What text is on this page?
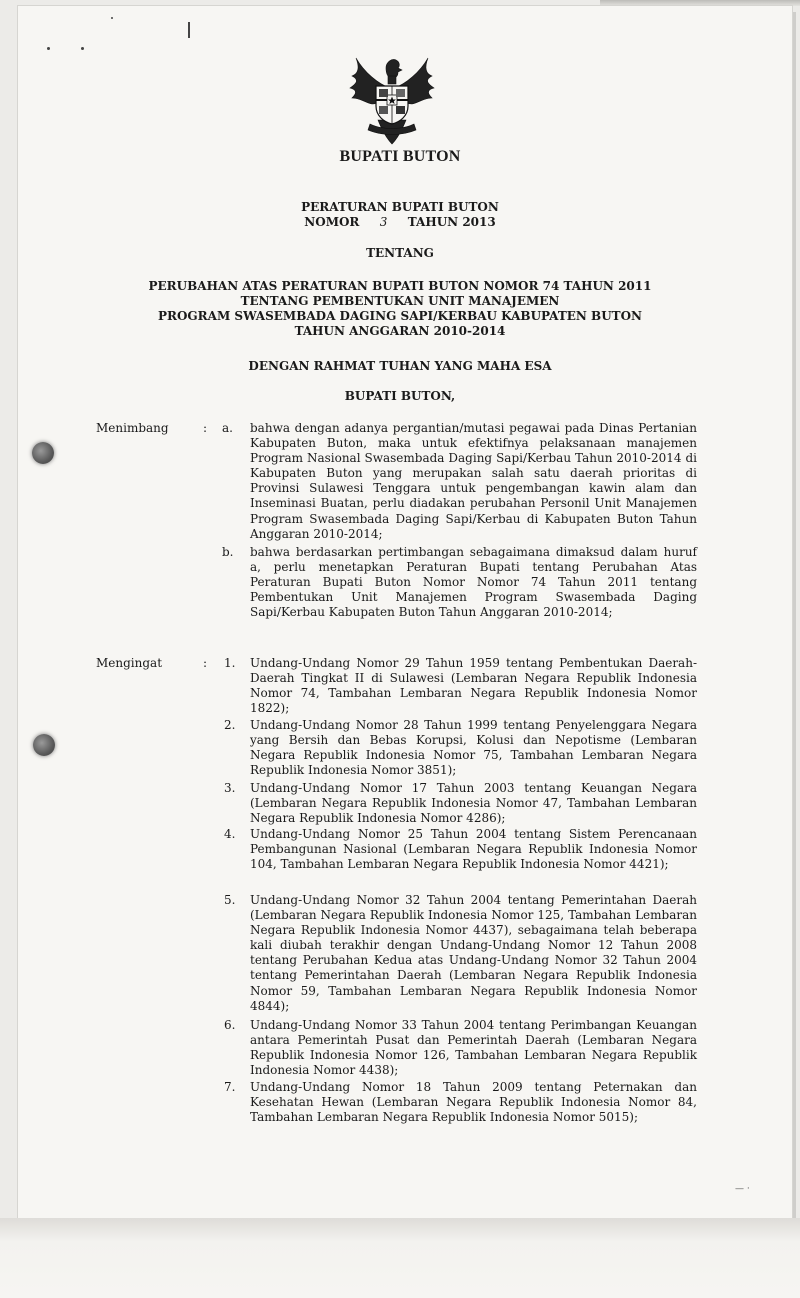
BUPATI BUTON
PERATURAN BUPATI BUTON
NOMOR 3 TAHUN 2013
TENTANG
PERUBAHAN ATAS PERATURAN BUPATI BUTON NOMOR 74 TAHUN 2011
TENTANG PEMBENTUKAN UNIT MANAJEMEN
PROGRAM SWASEMBADA DAGING SAPI/KERBAU KABUPATEN BUTON
TAHUN ANGGARAN 2010-2014
DENGAN RAHMAT TUHAN YANG MAHA ESA
BUPATI BUTON,
Menimbang	: a. bahwa dengan adanya pergantian/mutasi pegawai pada Dinas Pertanian Kabupaten Buton, maka untuk efektifnya pelaksanaan manajemen Program Nasional Swasembada Daging Sapi/Kerbau Tahun 2010-2014 di Kabupaten Buton yang merupakan salah satu daerah prioritas di Provinsi Sulawesi Tenggara untuk pengembangan kawin alam dan Inseminasi Buatan, perlu diadakan perubahan Personil Unit Manajemen Program Swasembada Daging Sapi/Kerbau di Kabupaten Buton Tahun Anggaran 2010-2014;
b. bahwa berdasarkan pertimbangan sebagaimana dimaksud dalam huruf a, perlu menetapkan Peraturan Bupati tentang Perubahan Atas Peraturan Bupati Buton Nomor Nomor 74 Tahun 2011 tentang Pembentukan Unit Manajemen Program Swasembada Daging Sapi/Kerbau Kabupaten Buton Tahun Anggaran 2010-2014;
Mengingat	: 1. Undang-Undang Nomor 29 Tahun 1959 tentang Pembentukan Daerah-Daerah Tingkat II di Sulawesi (Lembaran Negara Republik Indonesia Nomor 74, Tambahan Lembaran Negara Republik Indonesia Nomor 1822);
2. Undang-Undang Nomor 28 Tahun 1999 tentang Penyelenggara Negara yang Bersih dan Bebas Korupsi, Kolusi dan Nepotisme (Lembaran Negara Republik Indonesia Nomor 75, Tambahan Lembaran Negara Republik Indonesia Nomor 3851);
3. Undang-Undang Nomor 17 Tahun 2003 tentang Keuangan Negara (Lembaran Negara Republik Indonesia Nomor 47, Tambahan Lembaran Negara Republik Indonesia Nomor 4286);
4. Undang-Undang Nomor 25 Tahun 2004 tentang Sistem Perencanaan Pembangunan Nasional (Lembaran Negara Republik Indonesia Nomor 104, Tambahan Lembaran Negara Republik Indonesia Nomor 4421);
5. Undang-Undang Nomor 32 Tahun 2004 tentang Pemerintahan Daerah (Lembaran Negara Republik Indonesia Nomor 125, Tambahan Lembaran Negara Republik Indonesia Nomor 4437), sebagaimana telah beberapa kali diubah terakhir dengan Undang-Undang Nomor 12 Tahun 2008 tentang Perubahan Kedua atas Undang-Undang Nomor 32 Tahun 2004 tentang Pemerintahan Daerah (Lembaran Negara Republik Indonesia Nomor 59, Tambahan Lembaran Negara Republik Indonesia Nomor 4844);
6. Undang-Undang Nomor 33 Tahun 2004 tentang Perimbangan Keuangan antara Pemerintah Pusat dan Pemerintah Daerah (Lembaran Negara Republik Indonesia Nomor 126, Tambahan Lembaran Negara Republik Indonesia Nomor 4438);
7. Undang-Undang Nomor 18 Tahun 2009 tentang Peternakan dan Kesehatan Hewan (Lembaran Negara Republik Indonesia Nomor 84, Tambahan Lembaran Negara Republik Indonesia Nomor 5015);
— ·
